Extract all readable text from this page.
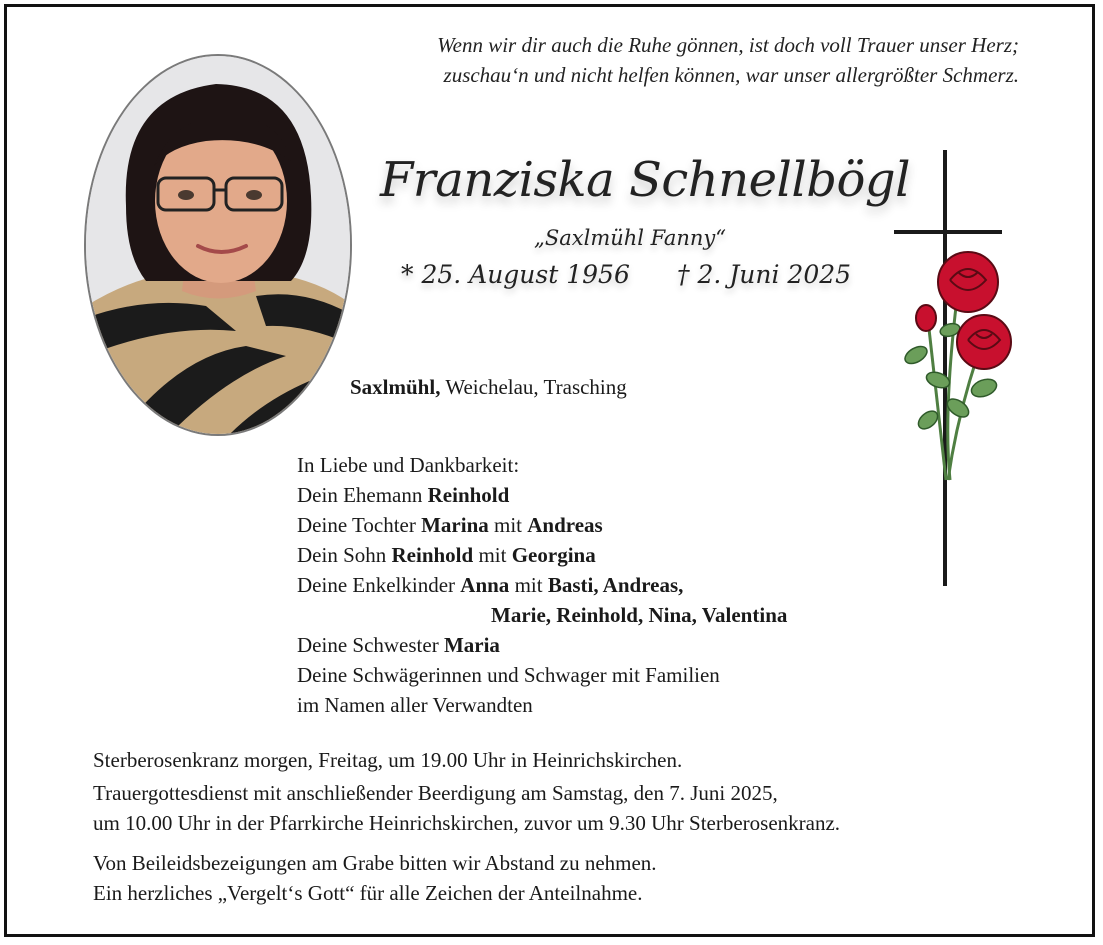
Wenn wir dir auch die Ruhe gönnen, ist doch voll Trauer unser Herz;
zuschau‘n und nicht helfen können, war unser allergrößter Schmerz.
Franziska Schnellbögl
„Saxlmühl Fanny“
* 25. August 1956 † 2. Juni 2025
Saxlmühl, Weichelau, Trasching
In Liebe und Dankbarkeit:
Dein Ehemann Reinhold
Deine Tochter Marina mit Andreas
Dein Sohn Reinhold mit Georgina
Deine Enkelkinder Anna mit Basti, Andreas,
Marie, Reinhold, Nina, Valentina
Deine Schwester Maria
Deine Schwägerinnen und Schwager mit Familien
im Namen aller Verwandten
Sterberosenkranz morgen, Freitag, um 19.00 Uhr in Heinrichskirchen.
Trauergottesdienst mit anschließender Beerdigung am Samstag, den 7. Juni 2025,
um 10.00 Uhr in der Pfarrkirche Heinrichskirchen, zuvor um 9.30 Uhr Sterberosenkranz.
Von Beileidsbezeigungen am Grabe bitten wir Abstand zu nehmen.
Ein herzliches „Vergelt‘s Gott“ für alle Zeichen der Anteilnahme.
